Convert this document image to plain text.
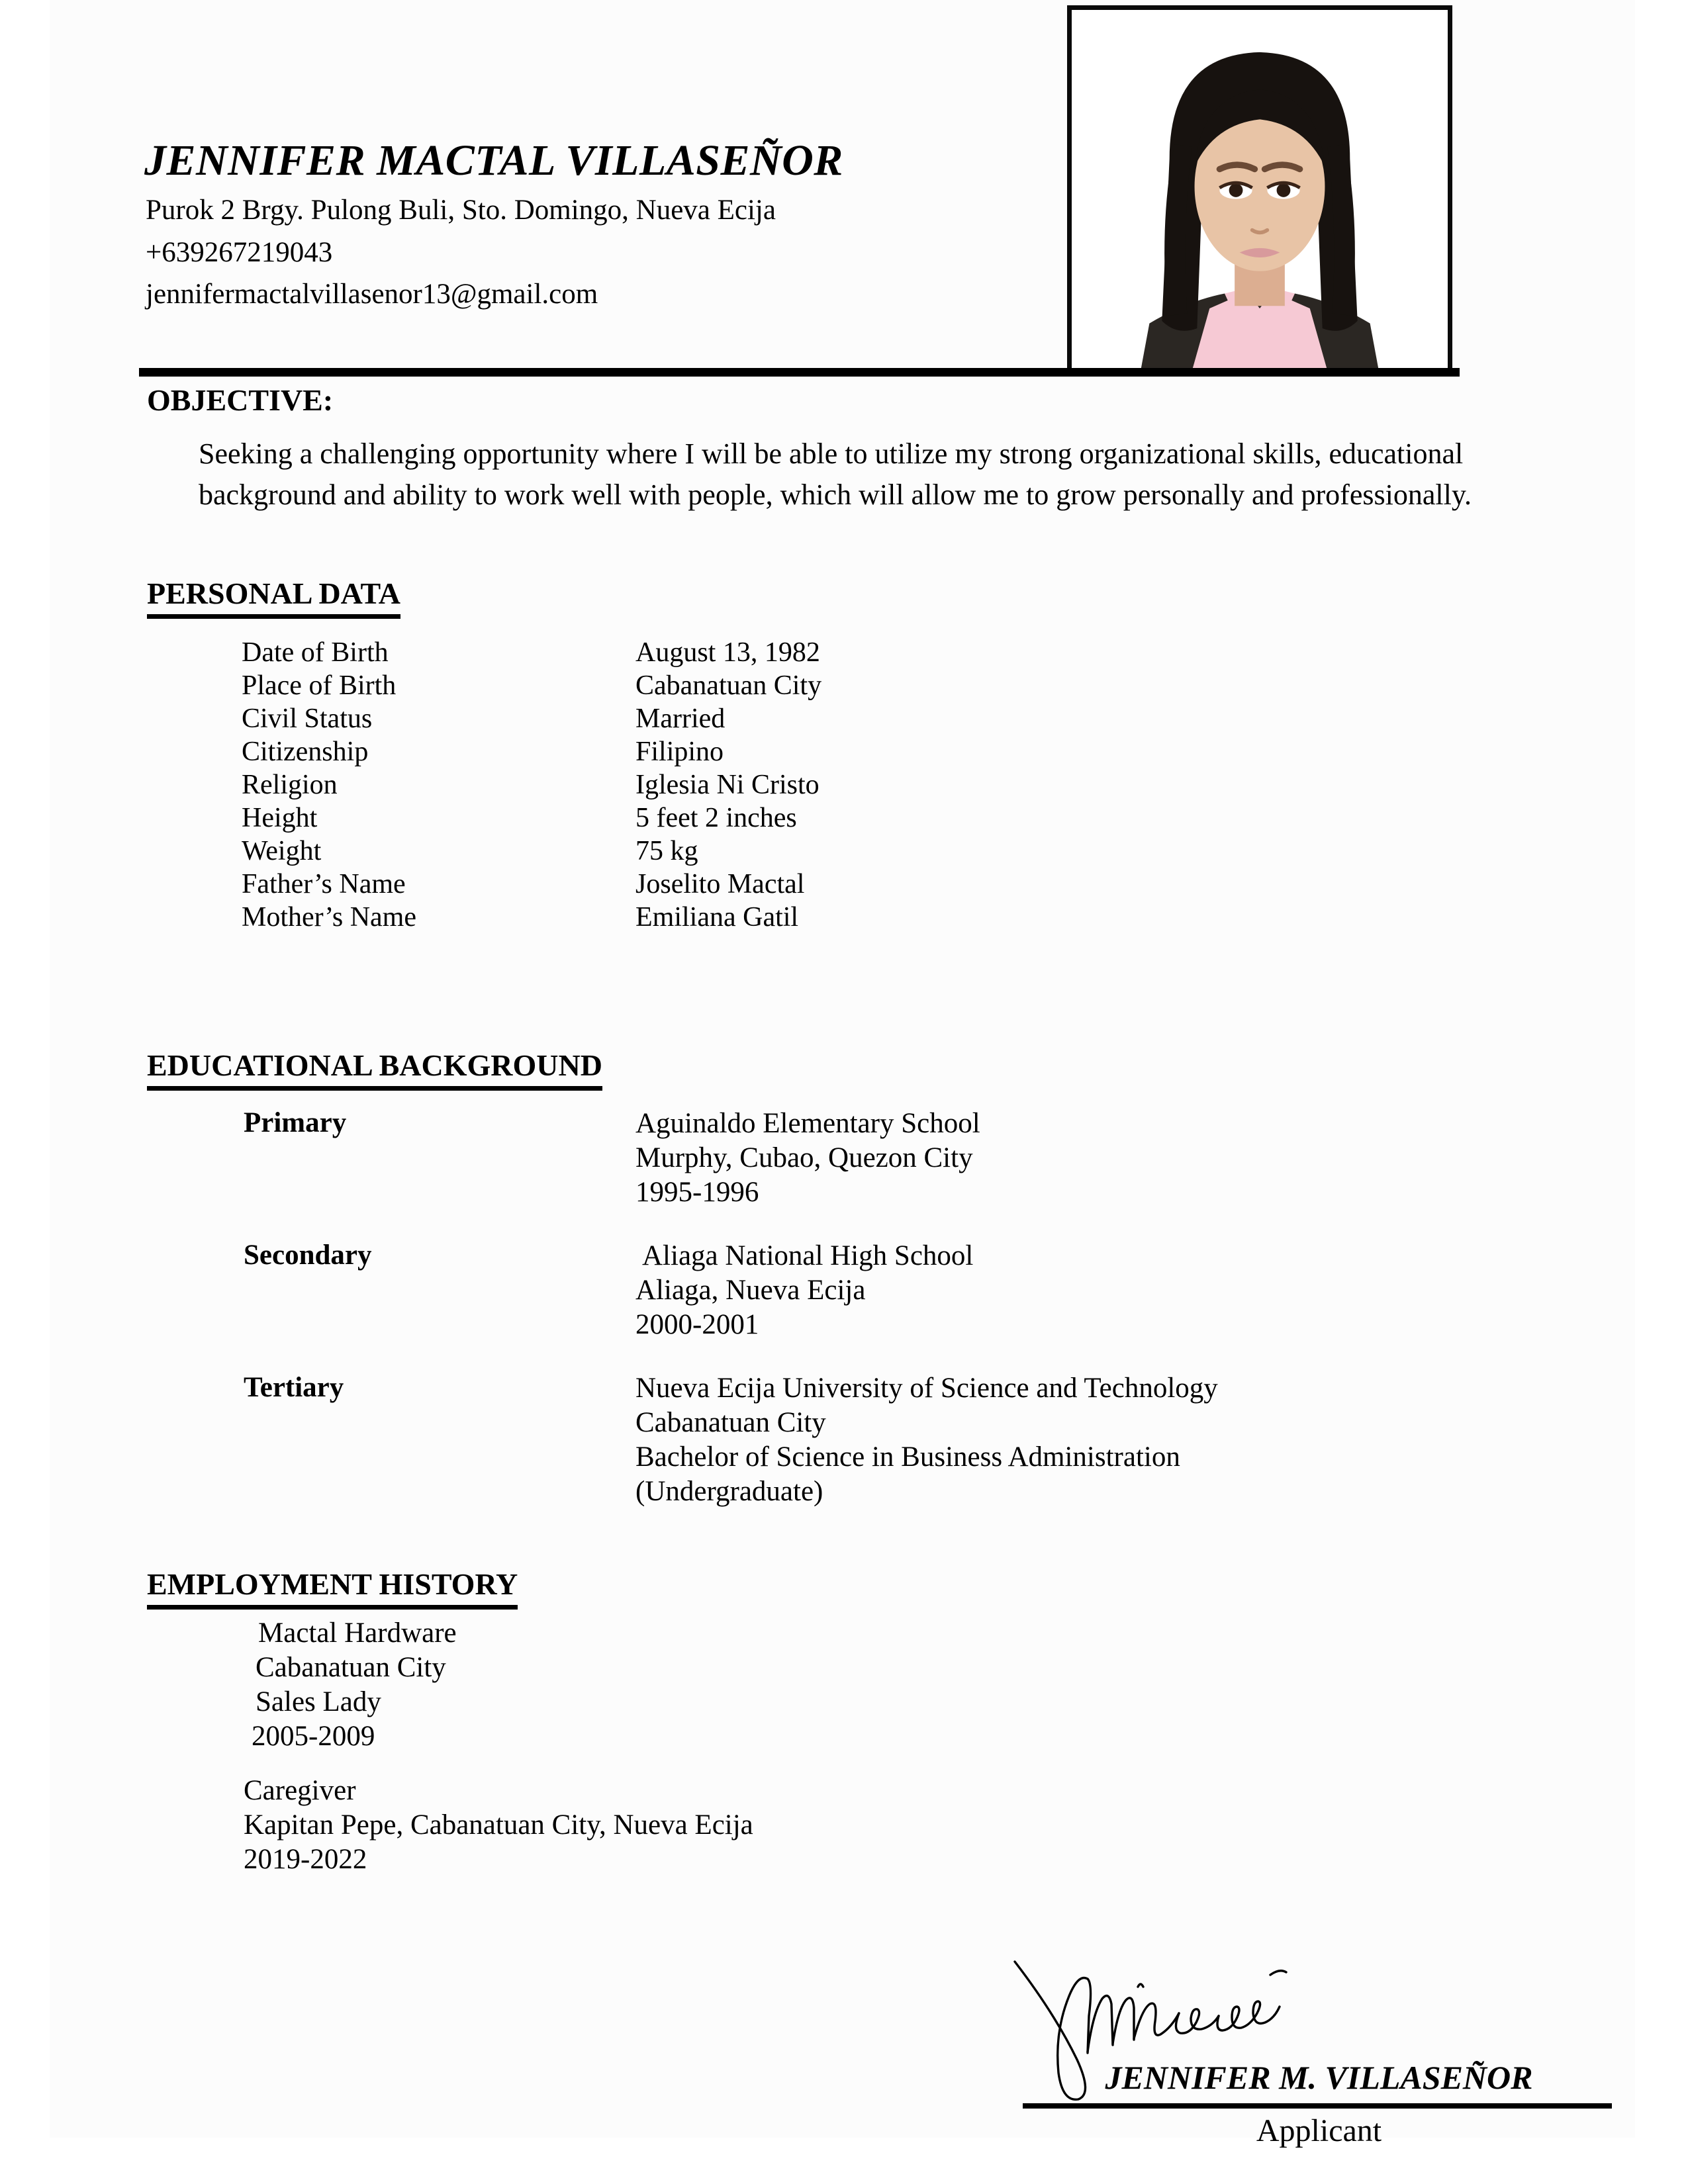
JENNIFER MACTAL VILLASEÑOR
Purok 2 Brgy. Pulong Buli, Sto. Domingo, Nueva Ecija
+639267219043
jennifermactalvillasenor13@gmail.com
OBJECTIVE:
Seeking a challenging opportunity where I will be able to utilize my strong organizational skills, educational background and ability to work well with people, which will allow me to grow personally and professionally.
PERSONAL DATA
Date of Birth	August 13, 1982
Place of Birth	Cabanatuan City
Civil Status	Married
Citizenship	Filipino
Religion	Iglesia Ni Cristo
Height	5 feet 2 inches
Weight	75 kg
Father’s Name	Joselito Mactal
Mother’s Name	Emiliana Gatil
EDUCATIONAL BACKGROUND
Primary	Aguinaldo Elementary School
Murphy, Cubao, Quezon City
1995-1996
Secondary	Aliaga National High School
Aliaga, Nueva Ecija
2000-2001
Tertiary	Nueva Ecija University of Science and Technology
Cabanatuan City
Bachelor of Science in Business Administration
(Undergraduate)
EMPLOYMENT HISTORY
Mactal Hardware
Cabanatuan City
Sales Lady
2005-2009
Caregiver
Kapitan Pepe, Cabanatuan City, Nueva Ecija
2019-2022
JENNIFER M. VILLASEÑOR
Applicant
